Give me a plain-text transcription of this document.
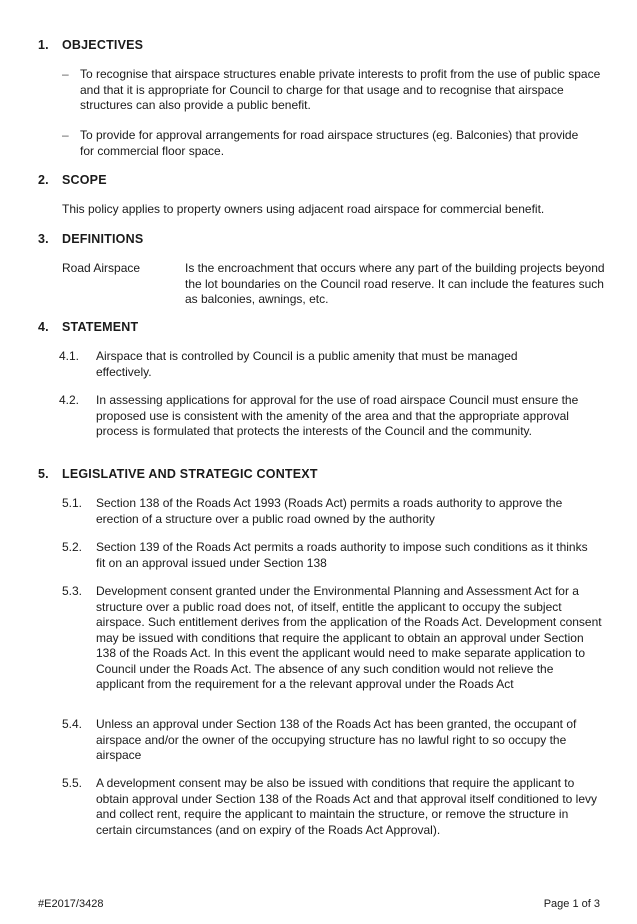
1. OBJECTIVES
– To recognise that airspace structures enable private interests to profit from the use of public space and that it is appropriate for Council to charge for that usage and to recognise that airspace structures can also provide a public benefit.
– To provide for approval arrangements for road airspace structures (eg. Balconies) that provide for commercial floor space.
2. SCOPE
This policy applies to property owners using adjacent road airspace for commercial benefit.
3. DEFINITIONS
Road Airspace	Is the encroachment that occurs where any part of the building projects beyond the lot boundaries on the Council road reserve. It can include the features such as balconies, awnings, etc.
4. STATEMENT
4.1. Airspace that is controlled by Council is a public amenity that must be managed effectively.
4.2. In assessing applications for approval for the use of road airspace Council must ensure the proposed use is consistent with the amenity of the area and that the appropriate approval process is formulated that protects the interests of the Council and the community.
5. LEGISLATIVE AND STRATEGIC CONTEXT
5.1. Section 138 of the Roads Act 1993 (Roads Act) permits a roads authority to approve the erection of a structure over a public road owned by the authority
5.2. Section 139 of the Roads Act permits a roads authority to impose such conditions as it thinks fit on an approval issued under Section 138
5.3. Development consent granted under the Environmental Planning and Assessment Act for a structure over a public road does not, of itself, entitle the applicant to occupy the subject airspace. Such entitlement derives from the application of the Roads Act. Development consent may be issued with conditions that require the applicant to obtain an approval under Section 138 of the Roads Act. In this event the applicant would need to make separate application to Council under the Roads Act. The absence of any such condition would not relieve the applicant from the requirement for a the relevant approval under the Roads Act
5.4. Unless an approval under Section 138 of the Roads Act has been granted, the occupant of airspace and/or the owner of the occupying structure has no lawful right to so occupy the airspace
5.5. A development consent may be also be issued with conditions that require the applicant to obtain approval under Section 138 of the Roads Act and that approval itself conditioned to levy and collect rent, require the applicant to maintain the structure, or remove the structure in certain circumstances (and on expiry of the Roads Act Approval).
#E2017/3428	Page 1 of 3
